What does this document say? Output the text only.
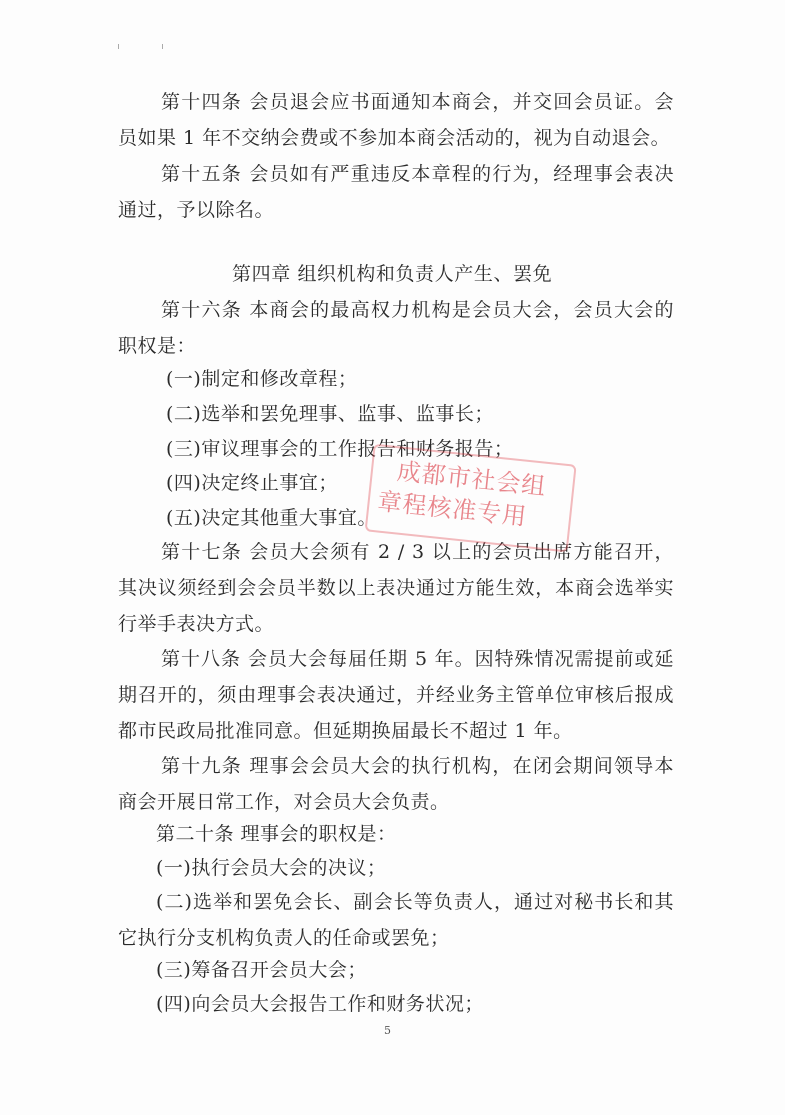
第十四条 会员退会应书面通知本商会，并交回会员证。会员如果 1 年不交纳会费或不参加本商会活动的，视为自动退会。

第十五条 会员如有严重违反本章程的行为，经理事会表决通过，予以除名。

第四章 组织机构和负责人产生、罢免

第十六条 本商会的最高权力机构是会员大会，会员大会的职权是：

(一)制定和修改章程；

(二)选举和罢免理事、监事、监事长；

(三)审议理事会的工作报告和财务报告；

(四)决定终止事宜；

(五)决定其他重大事宜。

第十七条 会员大会须有 2 / 3 以上的会员出席方能召开，其决议须经到会会员半数以上表决通过方能生效，本商会选举实行举手表决方式。

第十八条 会员大会每届任期 5 年。因特殊情况需提前或延期召开的，须由理事会表决通过，并经业务主管单位审核后报成都市民政局批准同意。但延期换届最长不超过 1 年。

第十九条 理事会会员大会的执行机构，在闭会期间领导本商会开展日常工作，对会员大会负责。

第二十条 理事会的职权是：

(一)执行会员大会的决议；

(二)选举和罢免会长、副会长等负责人，通过对秘书长和其它执行分支机构负责人的任命或罢免；

(三)筹备召开会员大会；

(四)向会员大会报告工作和财务状况；

5
成都市社会组
章程核准专用
